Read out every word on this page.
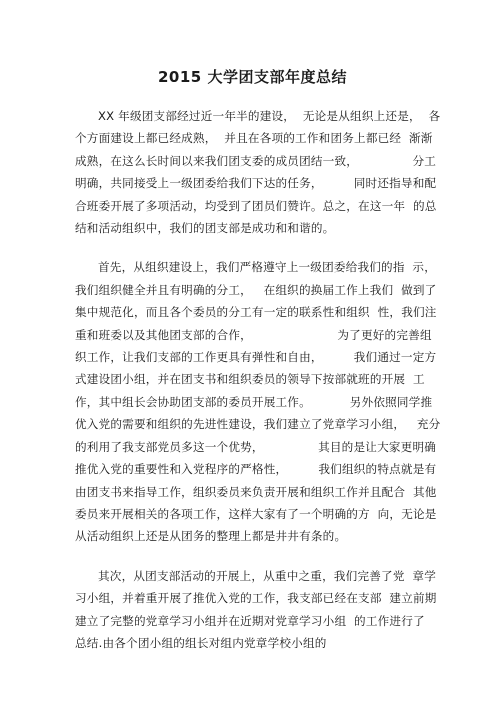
2015 大学团支部年度总结
XX 年级团支部经过近一年半的建设，  无论是从组织上还是，  各
个方面建设上都已经成熟，  并且在各项的工作和团务上都已经  渐渐
成熟，在这么长时间以来我们团支委的成员团结一致，              分工
明确，共同接受上一级团委给我们下达的任务，        同时还指导和配
合班委开展了多项活动，均受到了团员们赞许。总之，在这一年  的总
结和活动组织中，我们的团支部是成功和和谐的。
首先，从组织建设上，我们严格遵守上一级团委给我们的指  示，
我们组织健全并且有明确的分工，   在组织的换届工作上我们  做到了
集中规范化，而且各个委员的分工有一定的联系性和组织  性，我们注
重和班委以及其他团支部的合作，                      为了更好的完善组
织工作，让我们支部的工作更具有弹性和自由，        我们通过一定方
式建设团小组，并在团支书和组织委员的领导下按部就班的开展  工
作，其中组长会协助团支部的委员开展工作。          另外依照同学推
优入党的需要和组织的先进性建设，我们建立了党章学习小组，   充分
的利用了我支部党员多这一个优势，              其目的是让大家更明确
推优入党的重要性和入党程序的严格性，        我们组织的特点就是有
由团支书来指导工作，组织委员来负责开展和组织工作并且配合  其他
委员来开展相关的各项工作，这样大家有了一个明确的方  向，无论是
从活动组织上还是从团务的整理上都是井井有条的。
其次，从团支部活动的开展上，从重中之重，我们完善了党  章学
习小组，并着重开展了推优入党的工作，我支部已经在支部  建立前期
建立了完整的党章学习小组并在近期对党章学习小组  的工作进行了
总结.由各个团小组的组长对组内党章学校小组的
